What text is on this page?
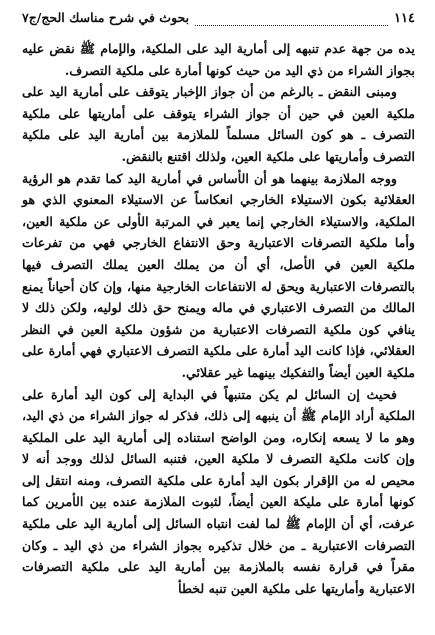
١١٤
بحوث في شرح مناسك الحج/ج٧

يده من جهة عدم تنبهه إلى أمارية اليد على الملكية، والإمام ﷺ نقض عليه بجواز الشراء من ذي اليد من حيث كونها أمارة على ملكية التصرف.

ومبنى النقض ـ بالرغم من أن جواز الإخبار يتوقف على أمارية اليد على ملكية العين في حين أن جواز الشراء يتوقف على أماريتها على ملكية التصرف ـ هو كون السائل مسلماً للملازمة بين أمارية اليد على ملكية التصرف وأماريتها على ملكية العين، ولذلك اقتنع بالنقض.

ووجه الملازمة بينهما هو أن الأساس في أمارية اليد كما تقدم هو الرؤية العقلائية بكون الاستيلاء الخارجي انعكاساً عن الاستيلاء المعنوي الذي هو الملكية، والاستيلاء الخارجي إنما يعبر في المرتبة الأولى عن ملكية العين، وأما ملكية التصرفات الاعتبارية وحق الانتفاع الخارجي فهي من تفرعات ملكية العين في الأصل، أي أن من يملك العين يملك التصرف فيها بالتصرفات الاعتبارية ويحق له الانتفاعات الخارجية منها، وإن كان أحياناً يمنع المالك من التصرف الاعتباري في ماله ويمنح حق ذلك لوليه، ولكن ذلك لا ينافي كون ملكية التصرفات الاعتبارية من شؤون ملكية العين في النظر العقلائي، فإذا كانت اليد أمارة على ملكية التصرف الاعتباري فهي أمارة على ملكية العين أيضاً والتفكيك بينهما غير عقلائي.

فحيث إن السائل لم يكن متنبهاً في البداية إلى كون اليد أمارة على الملكية أراد الإمام ﷺ أن ينبهه إلى ذلك، فذكر له جواز الشراء من ذي اليد، وهو ما لا يسعه إنكاره، ومن الواضح استناده إلى أمارية اليد على الملكية وإن كانت ملكية التصرف لا ملكية العين، فتنبه السائل لذلك ووجد أنه لا محيص له من الإقرار بكون اليد أمارة على ملكية التصرف، ومنه انتقل إلى كونها أمارة على مليكة العين أيضاً، لثبوت الملازمة عنده بين الأمرين كما عرفت، أي أن الإمام ﷺ لما لفت انتباه السائل إلى أمارية اليد على ملكية التصرفات الاعتبارية ـ من خلال تذكيره بجواز الشراء من ذي اليد ـ وكان مقراً في قرارة نفسه بالملازمة بين أمارية اليد على ملكية التصرفات الاعتبارية وأماريتها على ملكية العين تنبه لخطأ
